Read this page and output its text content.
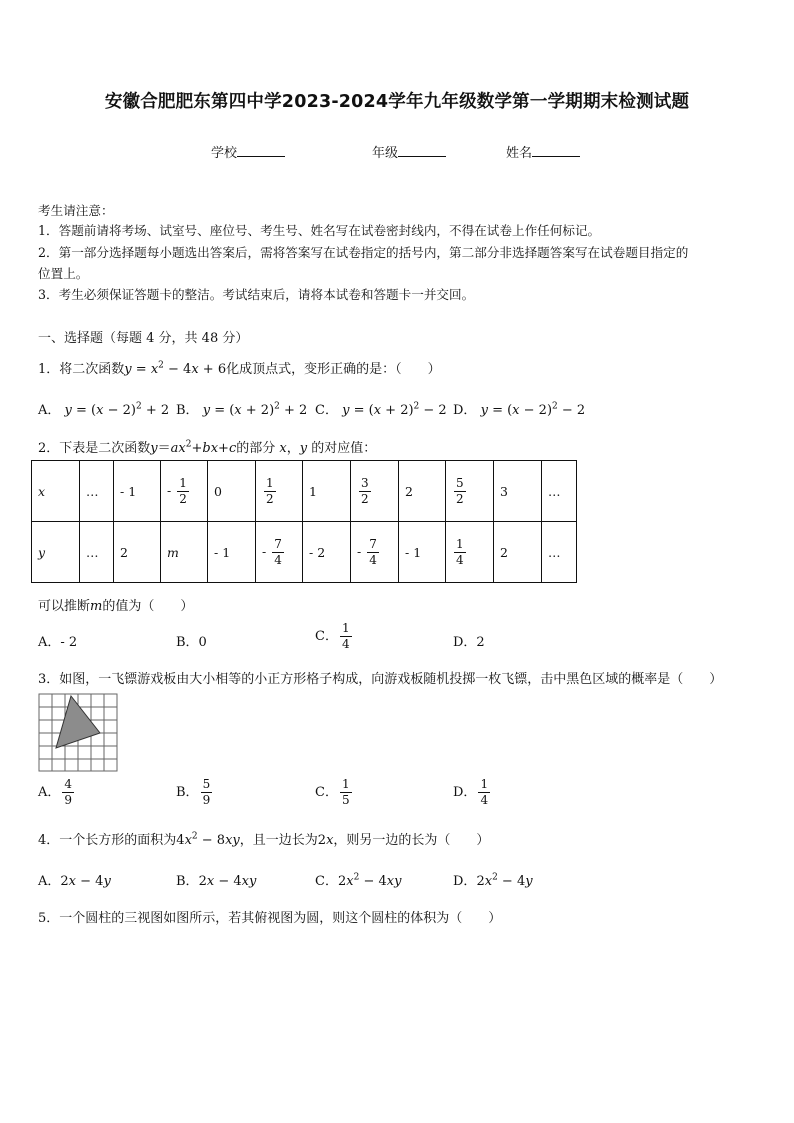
安徽合肥肥东第四中学2023-2024学年九年级数学第一学期期末检测试题
学校	年级	姓名
考生请注意：
1．答题前请将考场、试室号、座位号、考生号、姓名写在试卷密封线内，不得在试卷上作任何标记。
2．第一部分选择题每小题选出答案后，需将答案写在试卷指定的括号内，第二部分非选择题答案写在试卷题目指定的
位置上。
3．考生必须保证答题卡的整洁。考试结束后，请将本试卷和答题卡一并交回。
一、选择题（每题 4 分，共 48 分）
1．将二次函数$y = x^2 - 4x + 6$化成顶点式，变形正确的是：（　　）
A． $y = (x - 2)^2 + 2$ B． $y = (x + 2)^2 + 2$ C． $y = (x + 2)^2 - 2$ D． $y = (x - 2)^2 - 2$
2．下表是二次函数$y=ax^2+bx+c$的部分 x，y 的对应值：
x	…	- 1	- $\frac{1}{2}$	0	$\frac{1}{2}$	1	$\frac{3}{2}$	2	$\frac{5}{2}$	3	…
y	…	2	m	- 1	- $\frac{7}{4}$	- 2	- $\frac{7}{4}$	- 1	$\frac{1}{4}$	2	…
可以推断m的值为（　　）
A．- 2	B．0	C． $\frac{1}{4}$	D．2
3．如图，一飞镖游戏板由大小相等的小正方形格子构成，向游戏板随机投掷一枚飞镖，击中黑色区域的概率是（　　）
A． $\frac{4}{9}$	B． $\frac{5}{9}$	C． $\frac{1}{5}$	D． $\frac{1}{4}$
4．一个长方形的面积为$4x^2 - 8xy$，且一边长为2x，则另一边的长为（　　）
A．2x − 4y	B．2x − 4xy	C．$2x^2 - 4xy$	D．$2x^2 - 4y$
5．一个圆柱的三视图如图所示，若其俯视图为圆，则这个圆柱的体积为（　　）
